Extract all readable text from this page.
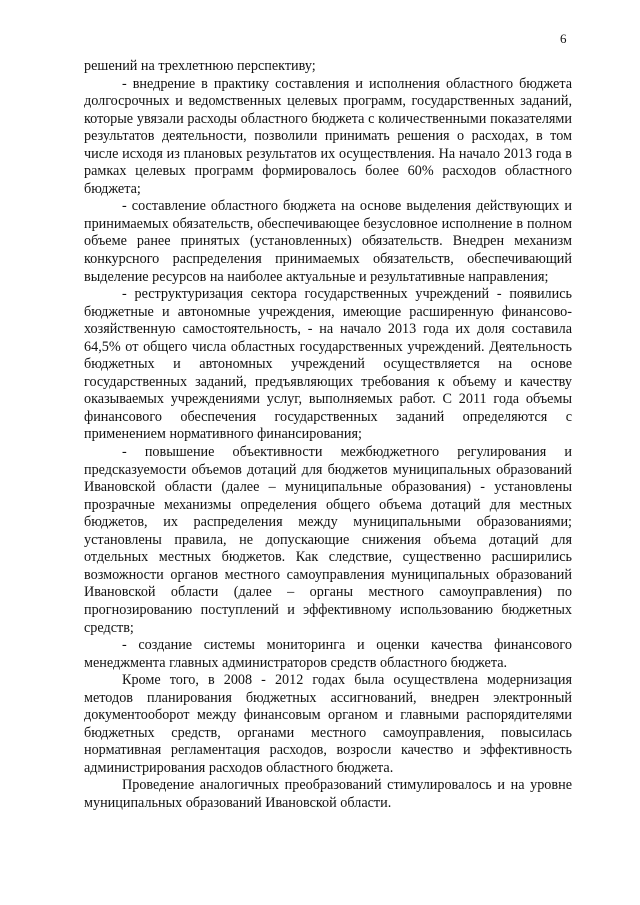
6

решений на трехлетнюю перспективу;

- внедрение в практику составления и исполнения областного бюджета долгосрочных и ведомственных целевых программ, государственных заданий, которые увязали расходы областного бюджета с количественными показателями результатов деятельности, позволили принимать решения о расходах, в том числе исходя из плановых результатов их осуществления. На начало 2013 года в рамках целевых программ формировалось более 60% расходов областного бюджета;

- составление областного бюджета на основе выделения действующих и принимаемых обязательств, обеспечивающее безусловное исполнение в полном объеме ранее принятых (установленных) обязательств. Внедрен механизм конкурсного распределения принимаемых обязательств, обеспечивающий выделение ресурсов на наиболее актуальные и результативные направления;

- реструктуризация сектора государственных учреждений - появились бюджетные и автономные учреждения, имеющие расширенную финансово-хозяйственную самостоятельность, - на начало 2013 года их доля составила 64,5% от общего числа областных государственных учреждений. Деятельность бюджетных и автономных учреждений осуществляется на основе государственных заданий, предъявляющих требования к объему и качеству оказываемых учреждениями услуг, выполняемых работ. С 2011 года объемы финансового обеспечения государственных заданий определяются с применением нормативного финансирования;

- повышение объективности межбюджетного регулирования и предсказуемости объемов дотаций для бюджетов муниципальных образований Ивановской области (далее – муниципальные образования) - установлены прозрачные механизмы определения общего объема дотаций для местных бюджетов, их распределения между муниципальными образованиями; установлены правила, не допускающие снижения объема дотаций для отдельных местных бюджетов. Как следствие, существенно расширились возможности органов местного самоуправления муниципальных образований Ивановской области (далее – органы местного самоуправления) по прогнозированию поступлений и эффективному использованию бюджетных средств;

- создание системы мониторинга и оценки качества финансового менеджмента главных администраторов средств областного бюджета.

Кроме того, в 2008 - 2012 годах была осуществлена модернизация методов планирования бюджетных ассигнований, внедрен электронный документооборот между финансовым органом и главными распорядителями бюджетных средств, органами местного самоуправления, повысилась нормативная регламентация расходов, возросли качество и эффективность администрирования расходов областного бюджета.

Проведение аналогичных преобразований стимулировалось и на уровне муниципальных образований Ивановской области.
